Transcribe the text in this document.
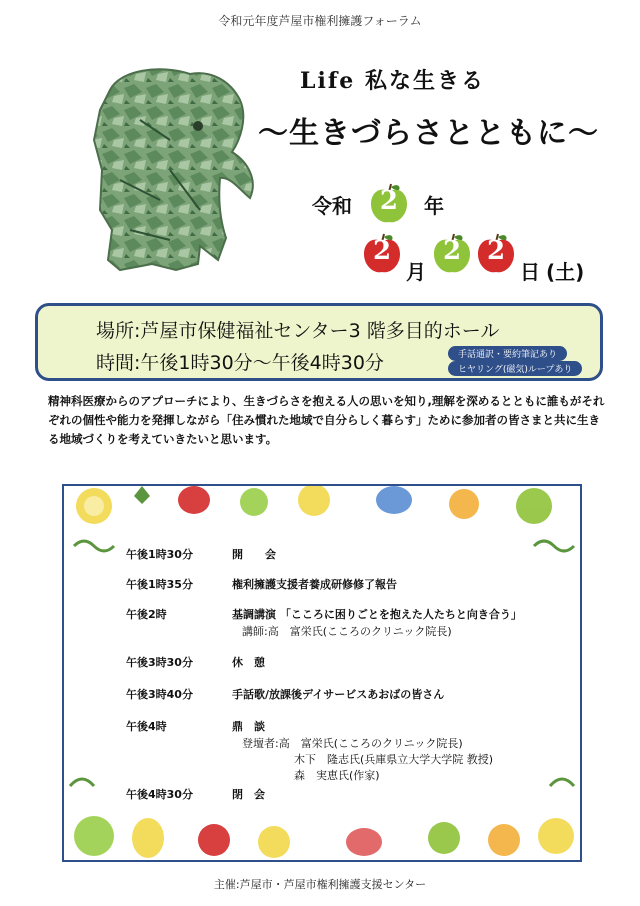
令和元年度芦屋市権利擁護フォーラム
Life 私な生きる
〜生きづらさとともに〜
令和	2	年
2
月
2 2
日 (土)
場所:芦屋市保健福祉センター3 階多目的ホール
時間:午後1時30分〜午後4時30分	手話通訳・要約筆記あり
ヒヤリング(磁気)ループあり
精神科医療からのアプローチにより、生きづらさを抱える人の思いを知り,理解を深めるとともに誰もがそれぞれの個性や能力を発揮しながら「住み慣れた地域で自分らしく暮らす」ために参加者の皆さまと共に生きる地域づくりを考えていきたいと思います。
午後1時30分	開　　会
午後1時35分	権利擁護支援者養成研修修了報告
午後2時	基調講演 「こころに困りごとを抱えた人たちと向き合う」
講師:高　富栄氏(こころのクリニック院長)
午後3時30分	休　憩
午後3時40分	手話歌/放課後デイサービスあおばの皆さん
午後4時	鼎　談
登壇者:高　富栄氏(こころのクリニック院長)
木下　隆志氏(兵庫県立大学大学院 教授)
森　実恵氏(作家)
午後4時30分	閉　会
主催:芦屋市・芦屋市権利擁護支援センター
